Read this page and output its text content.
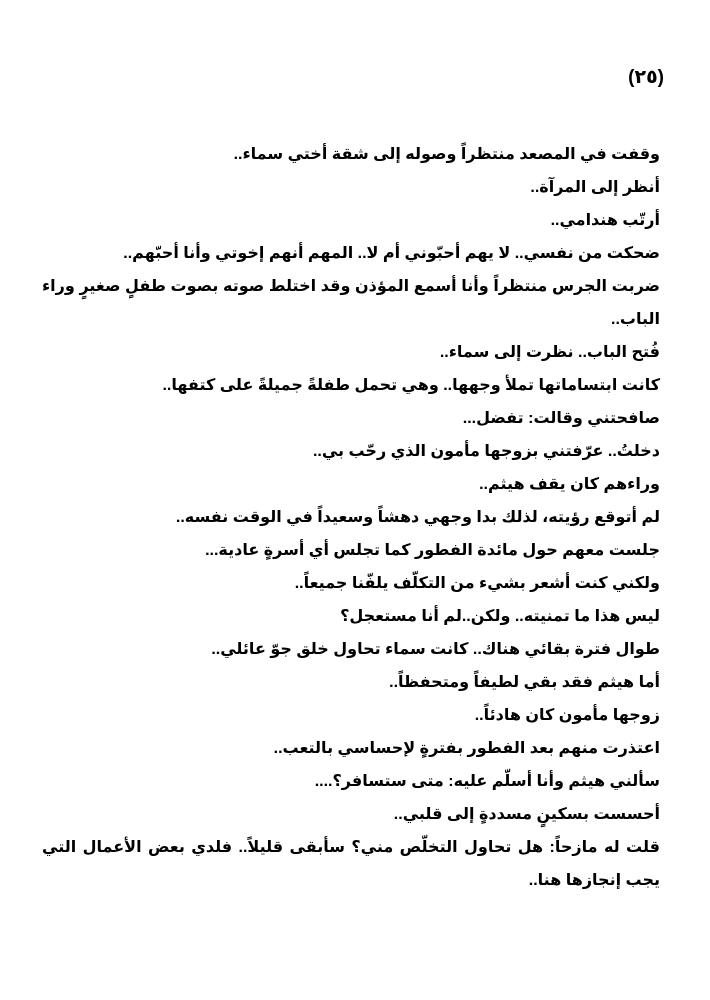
(٢٥)
وقفت في المصعد منتظراً وصوله إلى شقة أختي سماء..
أنظر إلى المرآة..
أرتّب هندامي..
ضحكت من نفسي.. لا يهم أحبّوني أم لا.. المهم أنهم إخوتي وأنا أحبّهم..
ضربت الجرس منتظراً وأنا أسمع المؤذن وقد اختلط صوته بصوت طفلٍ صغيرٍ وراء الباب..
فُتح الباب.. نظرت إلى سماء..
كانت ابتساماتها تملأ وجهها.. وهي تحمل طفلةً جميلةً على كتفها..
صافحتني وقالت: تفضل...
دخلتُ.. عرّفتني بزوجها مأمون الذي رحّب بي..
وراءهم كان يقف هيثم..
لم أتوقع رؤيته، لذلك بدا وجهي دهشاً وسعيداً في الوقت نفسه..
جلست معهم حول مائدة الفطور كما تجلس أي أسرةٍ عادية...
ولكني كنت أشعر بشيء من التكلّف يلفّنا جميعاً..
ليس هذا ما تمنيته.. ولكن..لم أنا مستعجل؟
طوال فترة بقائي هناك.. كانت سماء تحاول خلق جوّ عائلي..
أما هيثم فقد بقي لطيفاً ومتحفظاً..
زوجها مأمون كان هادئاً..
اعتذرت منهم بعد الفطور بفترةٍ لإحساسي بالتعب..
سألني هيثم وأنا أسلّم عليه: متى ستسافر؟....
أحسست بسكينٍ مسددةٍ إلى قلبي..
قلت له مازحاً: هل تحاول التخلّص مني؟ سأبقى قليلاً.. فلدي بعض الأعمال التي يجب إنجازها هنا..
